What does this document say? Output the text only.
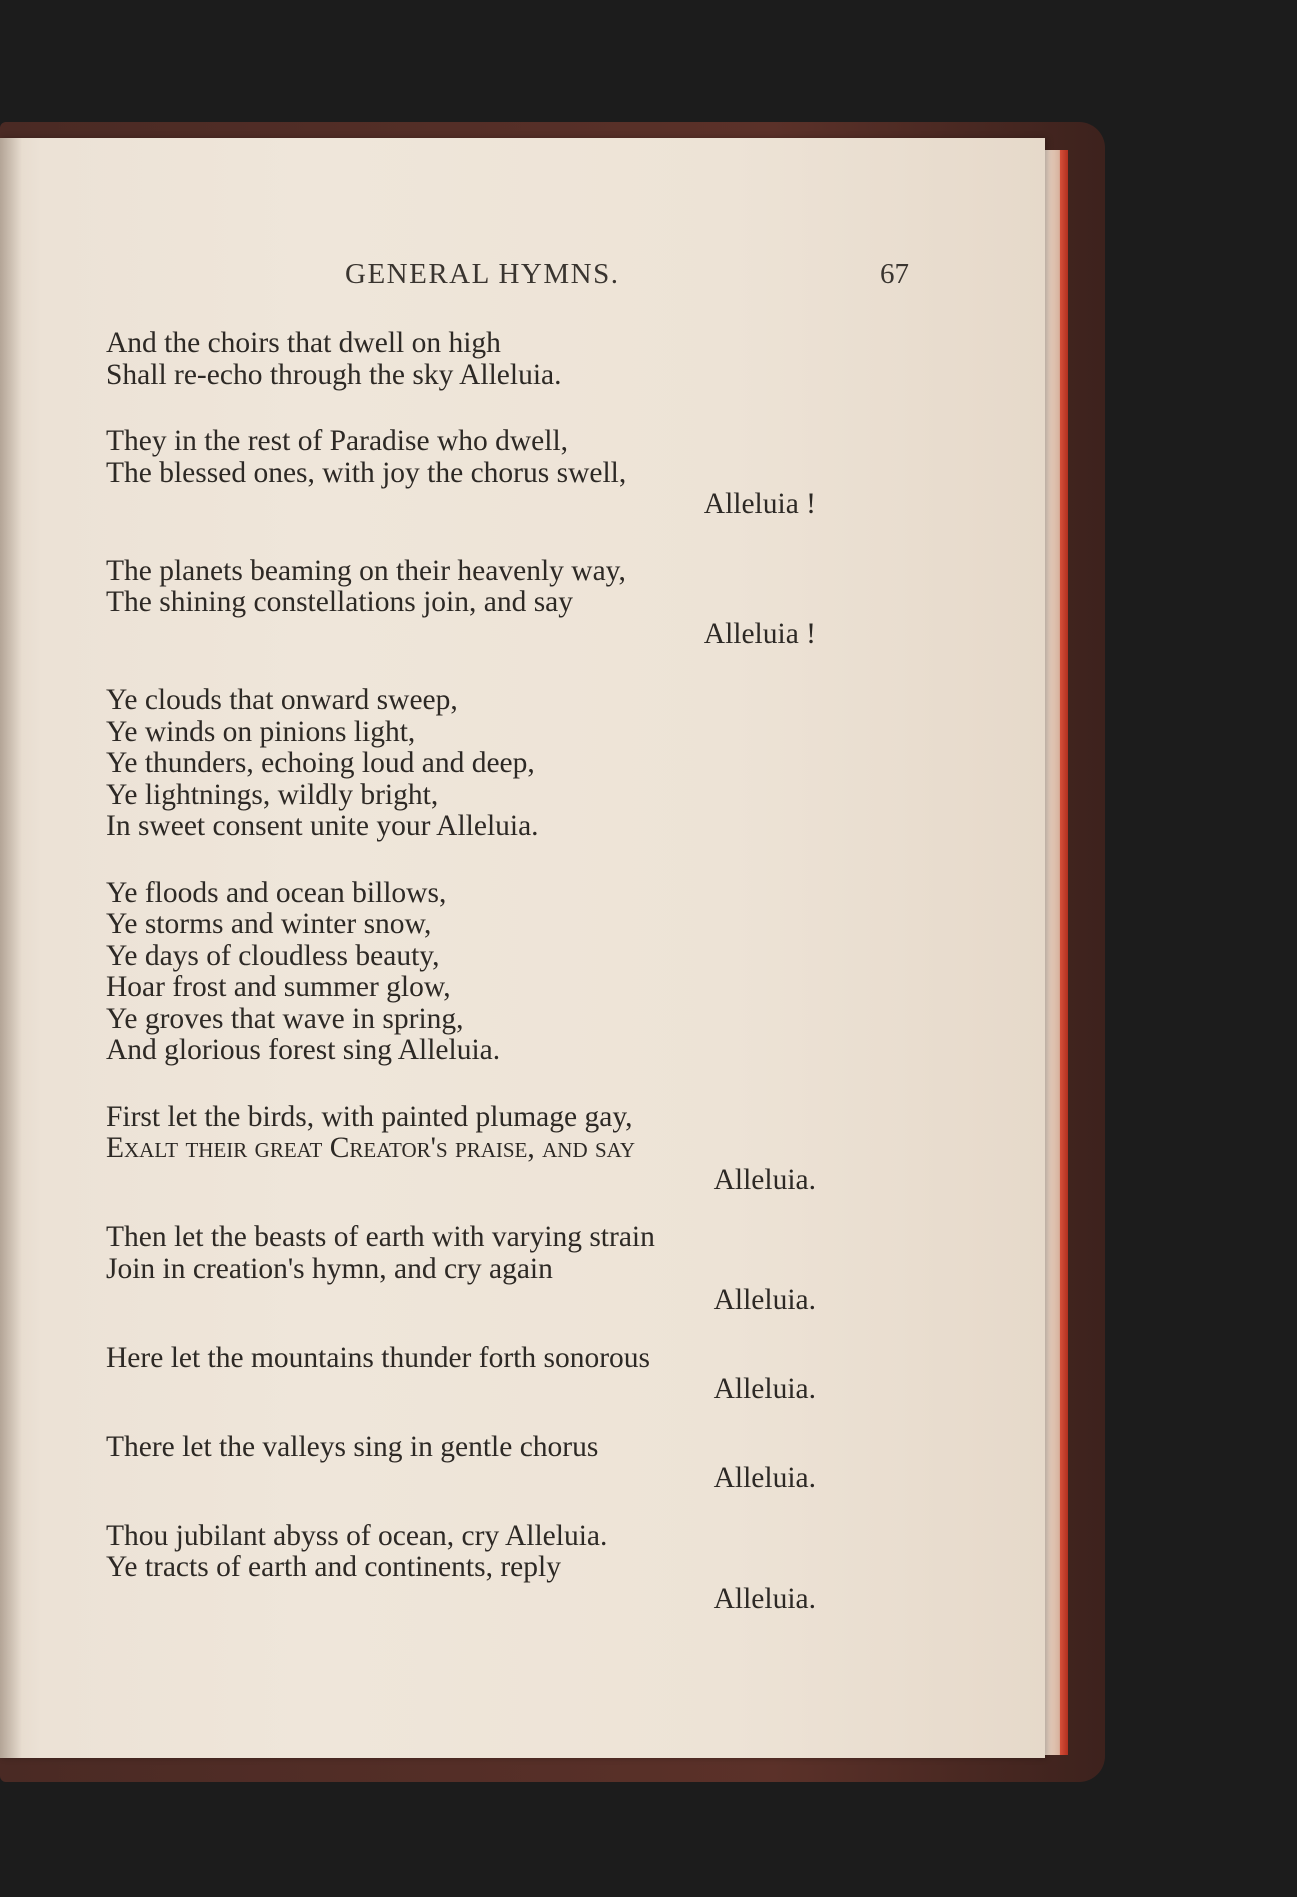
GENERAL HYMNS.	67
And the choirs that dwell on high
Shall re-echo through the sky Alleluia.
They in the rest of Paradise who dwell,
The blessed ones, with joy the chorus swell,
Alleluia !
The planets beaming on their heavenly way,
The shining constellations join, and say
Alleluia !
Ye clouds that onward sweep,
Ye winds on pinions light,
Ye thunders, echoing loud and deep,
Ye lightnings, wildly bright,
In sweet consent unite your Alleluia.
Ye floods and ocean billows,
Ye storms and winter snow,
Ye days of cloudless beauty,
Hoar frost and summer glow,
Ye groves that wave in spring,
And glorious forest sing Alleluia.
First let the birds, with painted plumage gay,
Exalt their great Creator's praise, and say
Alleluia.
Then let the beasts of earth with varying strain
Join in creation's hymn, and cry again
Alleluia.
Here let the mountains thunder forth sonorous
Alleluia.
There let the valleys sing in gentle chorus
Alleluia.
Thou jubilant abyss of ocean, cry Alleluia.
Ye tracts of earth and continents, reply
Alleluia.
